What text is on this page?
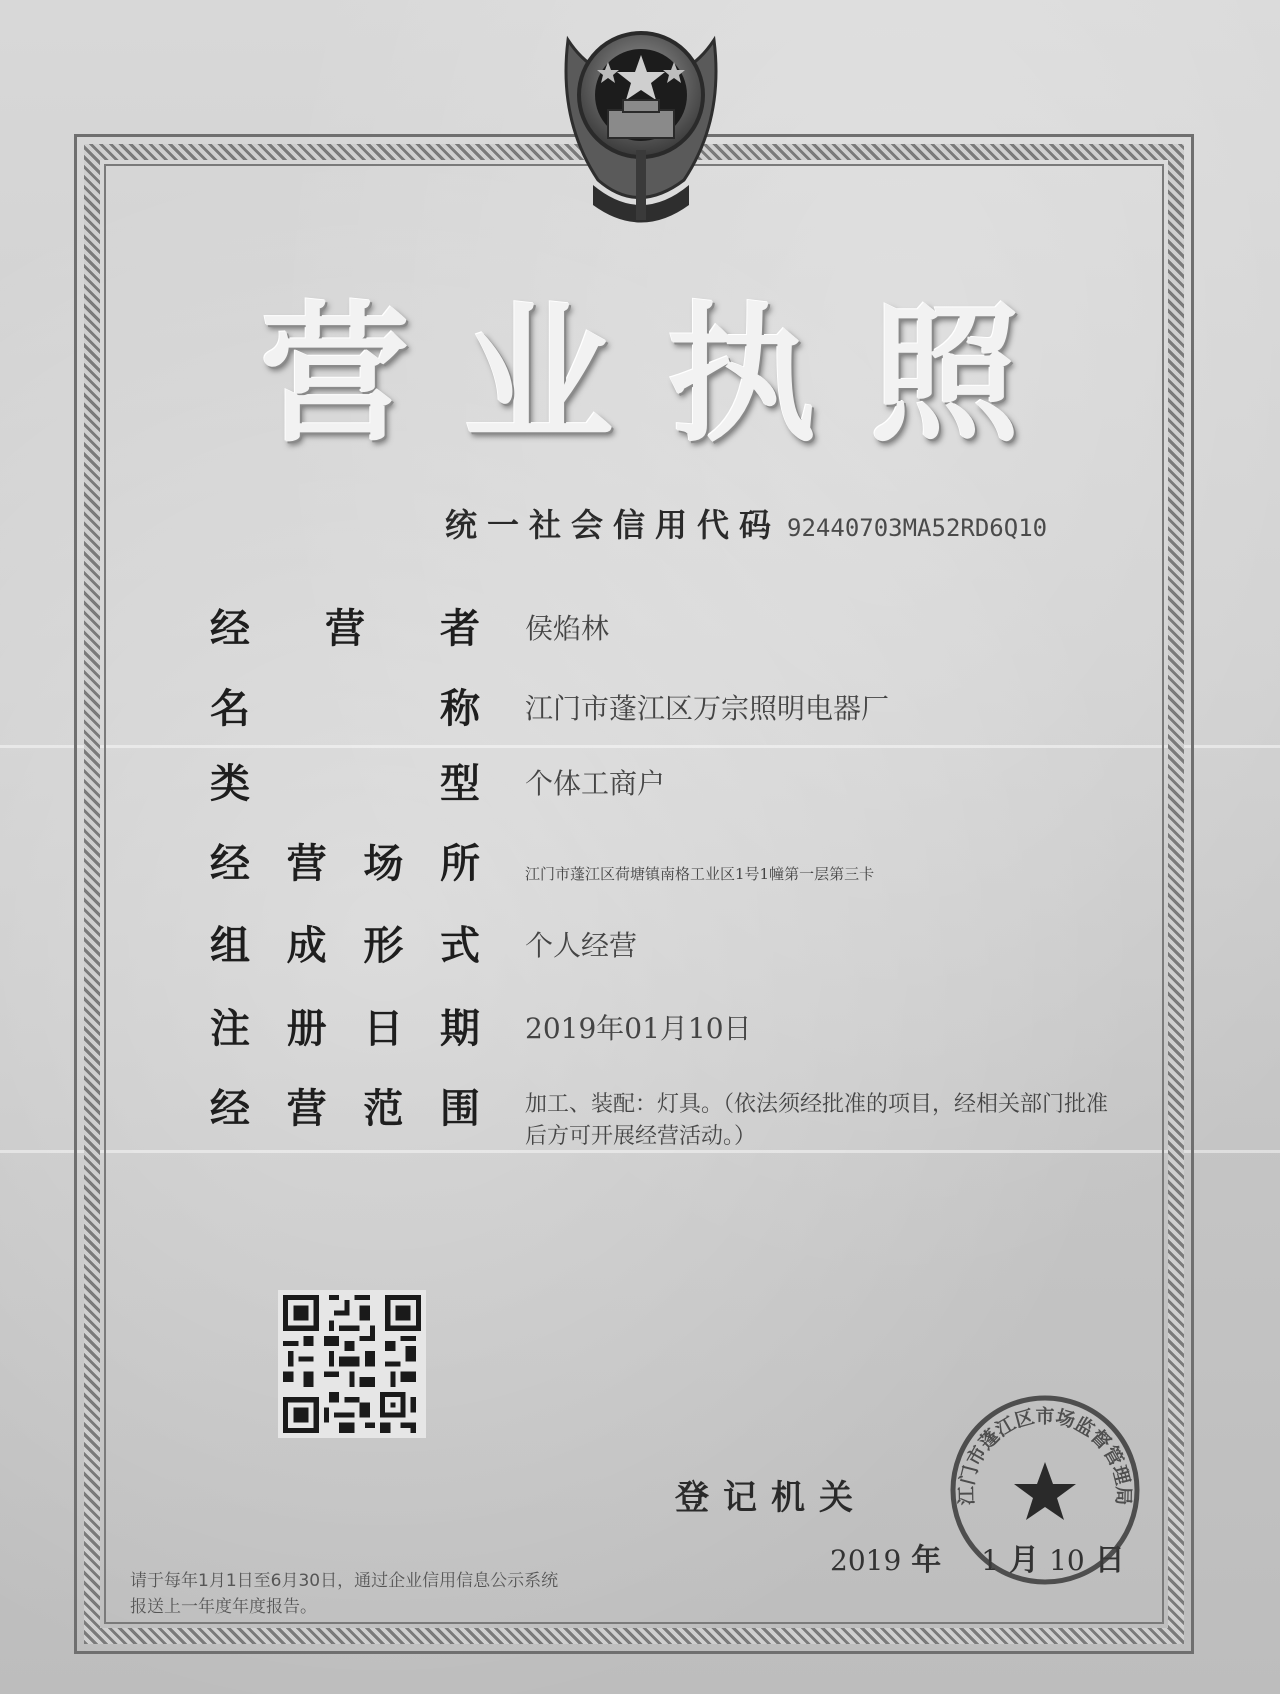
营 业 执 照
统一社会信用代码 92440703MA52RD6Q10
经 营 者 侯焰林
名	称 江门市蓬江区万宗照明电器厂
类	型 个体工商户
经 营 场 所	江门市蓬江区荷塘镇南格工业区1号1幢第一层第三卡
组 成 形 式 个人经营
注 册 日 期 2019年01月10日
经 营 范 围 加工、装配：灯具。（依法须经批准的项目，经相关部门批准后方可开展经营活动。）
登记机关
2019 年 1 月 10 日
江门市蓬江区市场监督管理局
请于每年1月1日至6月30日，通过企业信用信息公示系统报送上一年度年度报告。
